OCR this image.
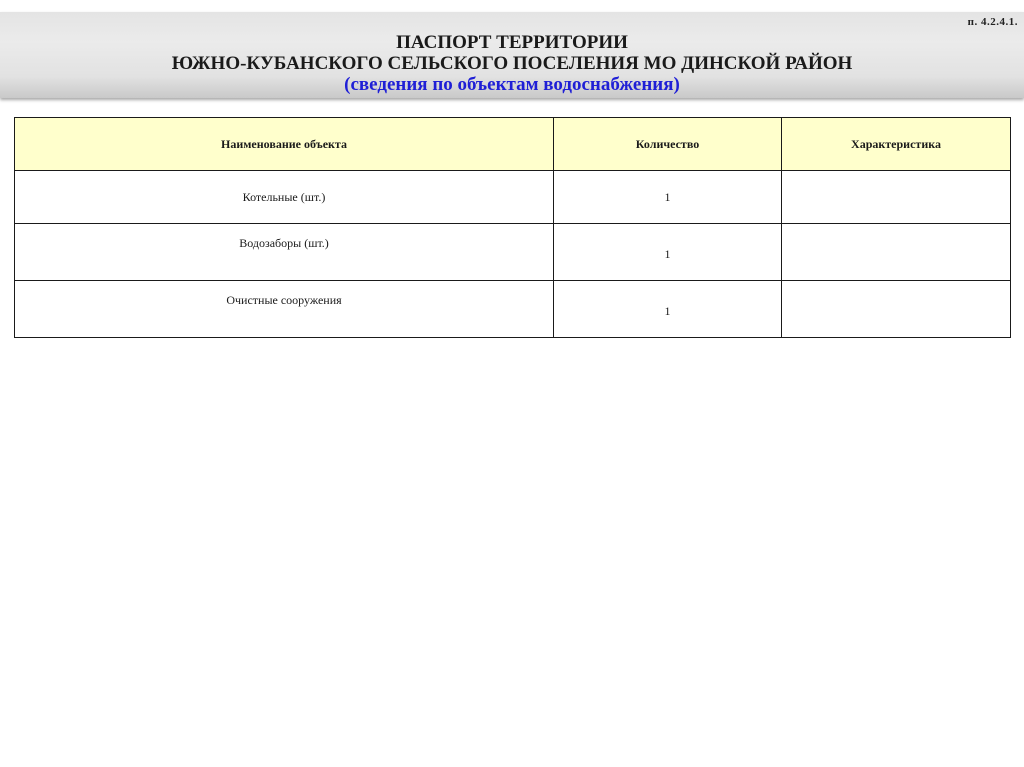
п. 4.2.4.1.
ПАСПОРТ ТЕРРИТОРИИ
ЮЖНО-КУБАНСКОГО СЕЛЬСКОГО ПОСЕЛЕНИЯ МО ДИНСКОЙ РАЙОН
(сведения по объектам водоснабжения)
Наименование объекта	Количество	Характеристика
Котельные (шт.)	1	
Водозаборы (шт.)	1	
Очистные сооружения	1	
